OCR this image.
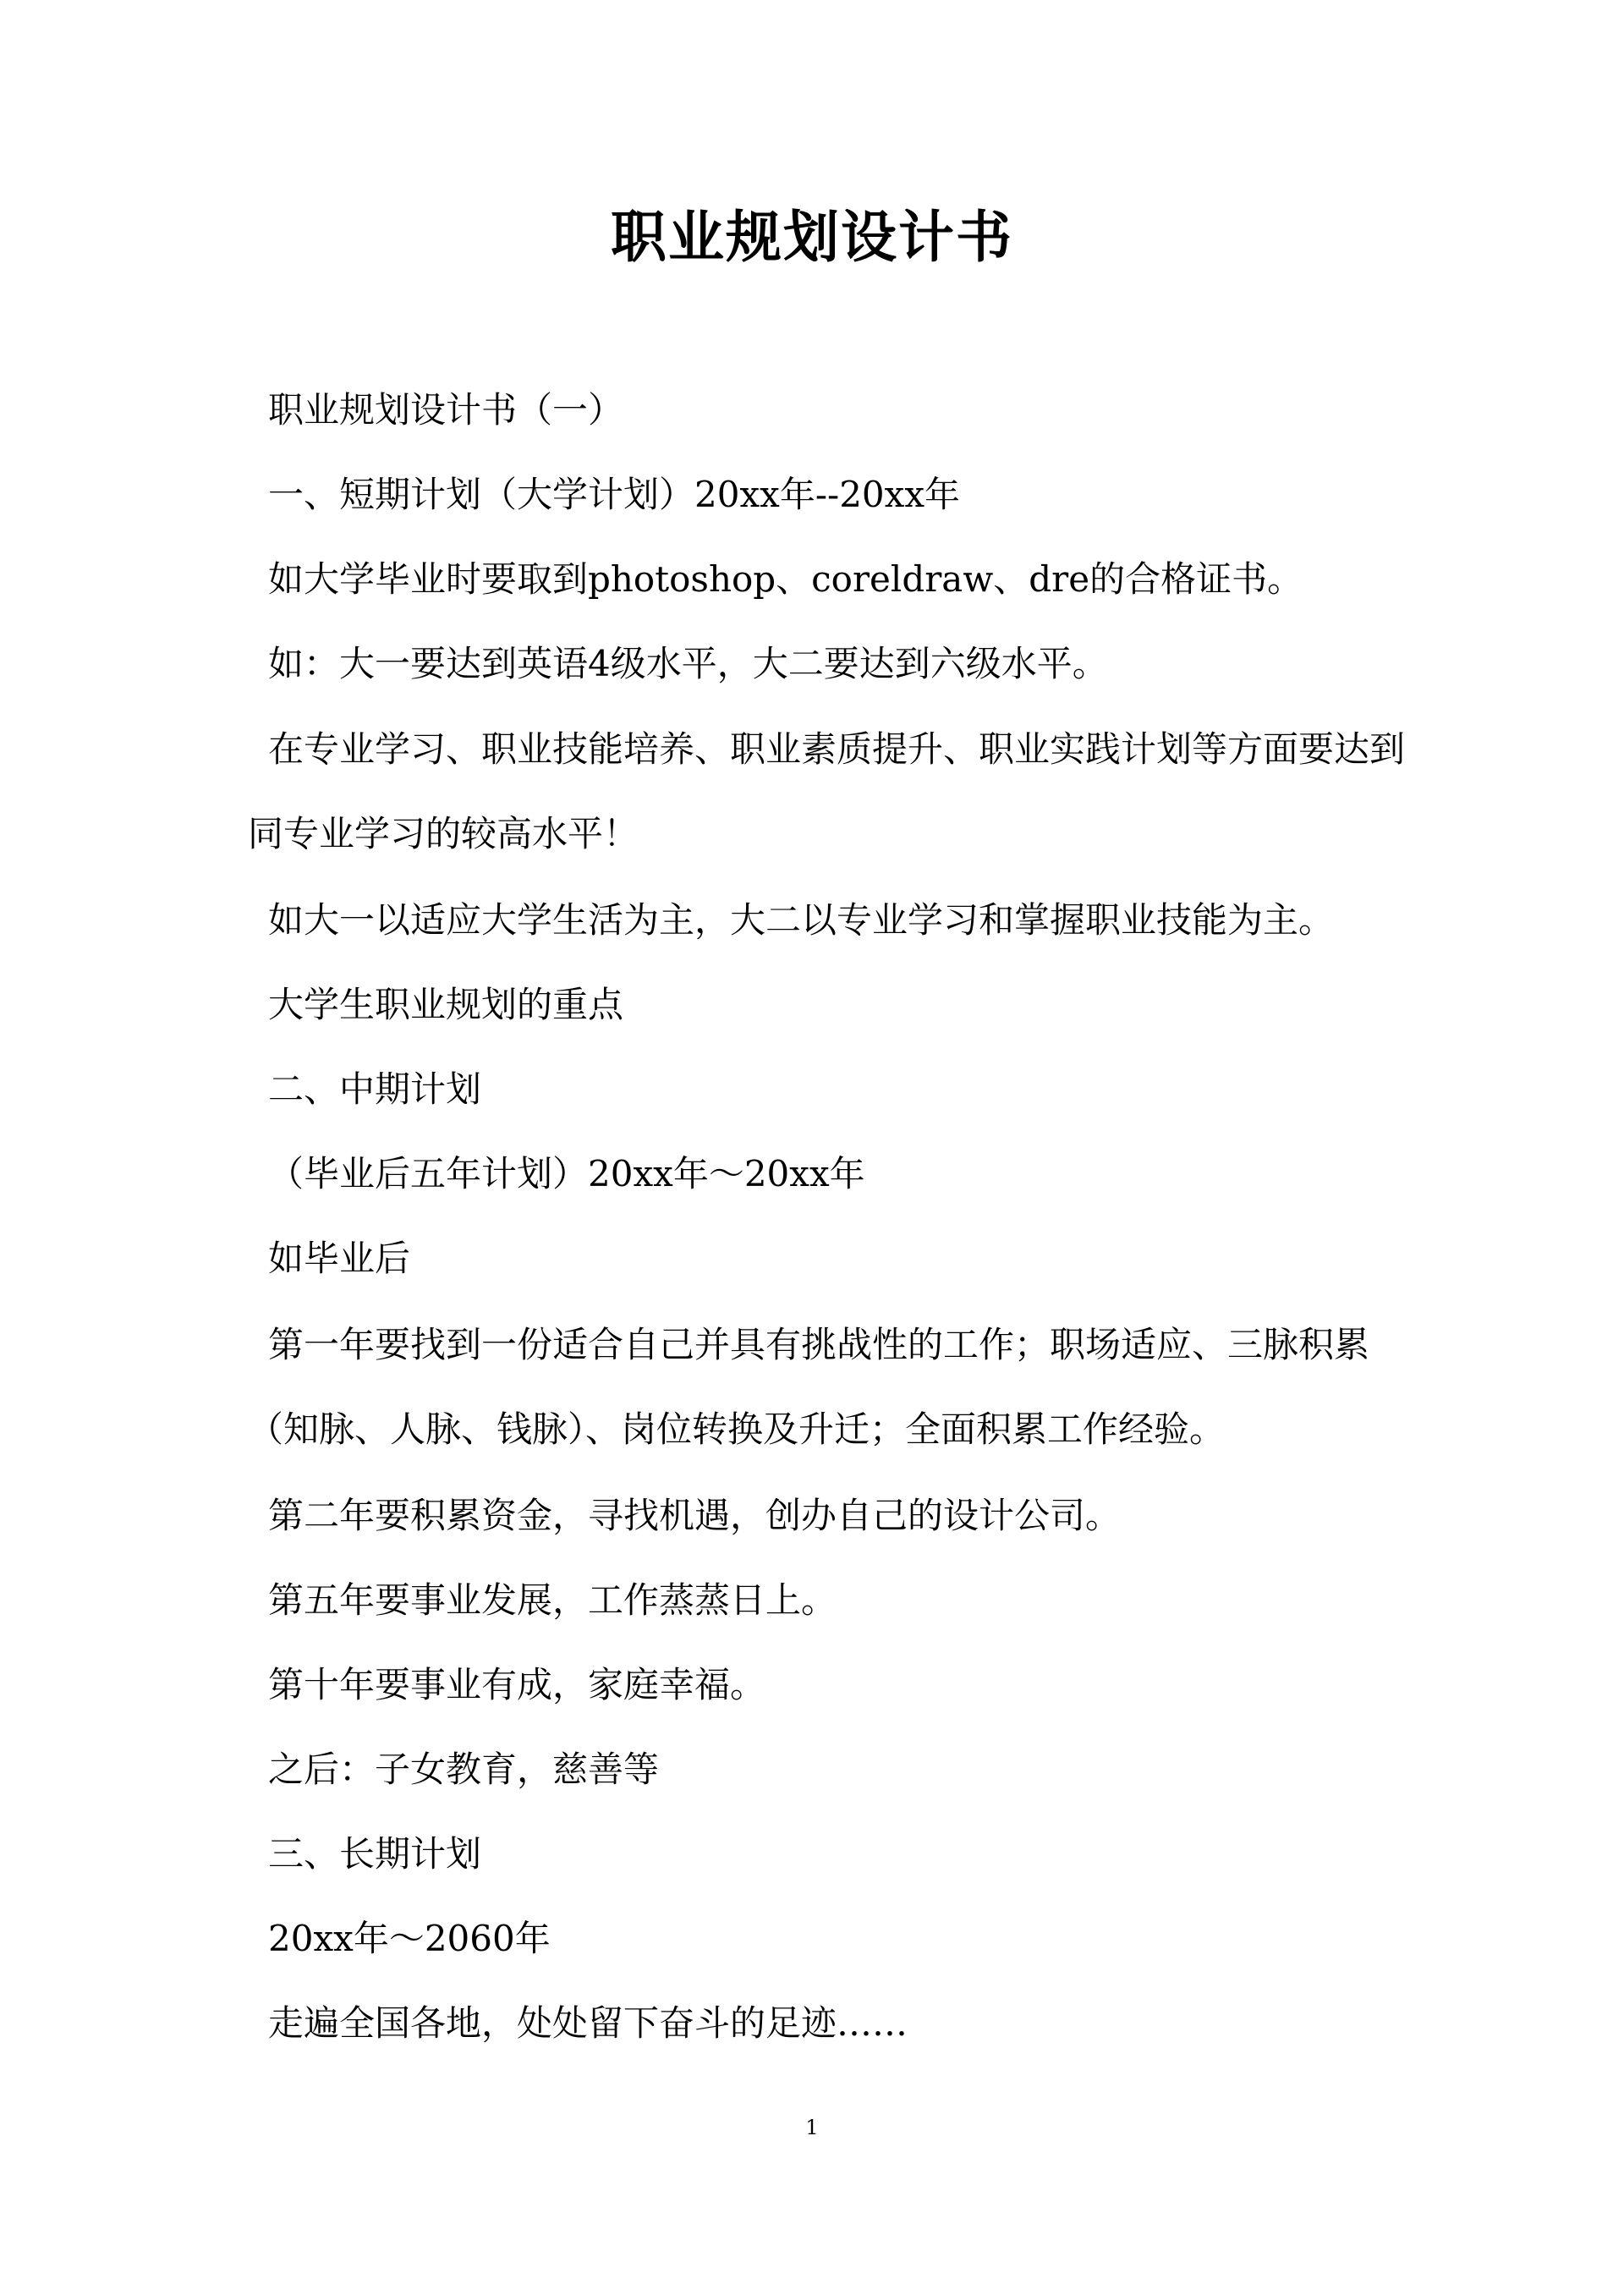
职业规划设计书
职业规划设计书（一）
一、短期计划（大学计划）20xx年--20xx年
如大学毕业时要取到photoshop、coreldraw、dre的合格证书。
如：大一要达到英语4级水平，大二要达到六级水平。
在专业学习、职业技能培养、职业素质提升、职业实践计划等方面要达到同专业学习的较高水平！
如大一以适应大学生活为主，大二以专业学习和掌握职业技能为主。
大学生职业规划的重点
二、中期计划
（毕业后五年计划）20xx年～20xx年
如毕业后
第一年要找到一份适合自己并具有挑战性的工作；职场适应、三脉积累（知脉、人脉、钱脉）、岗位转换及升迁；全面积累工作经验。
第二年要积累资金，寻找机遇，创办自己的设计公司。
第五年要事业发展，工作蒸蒸日上。
第十年要事业有成，家庭幸福。
之后：子女教育，慈善等
三、长期计划
20xx年～2060年
走遍全国各地，处处留下奋斗的足迹……
1
